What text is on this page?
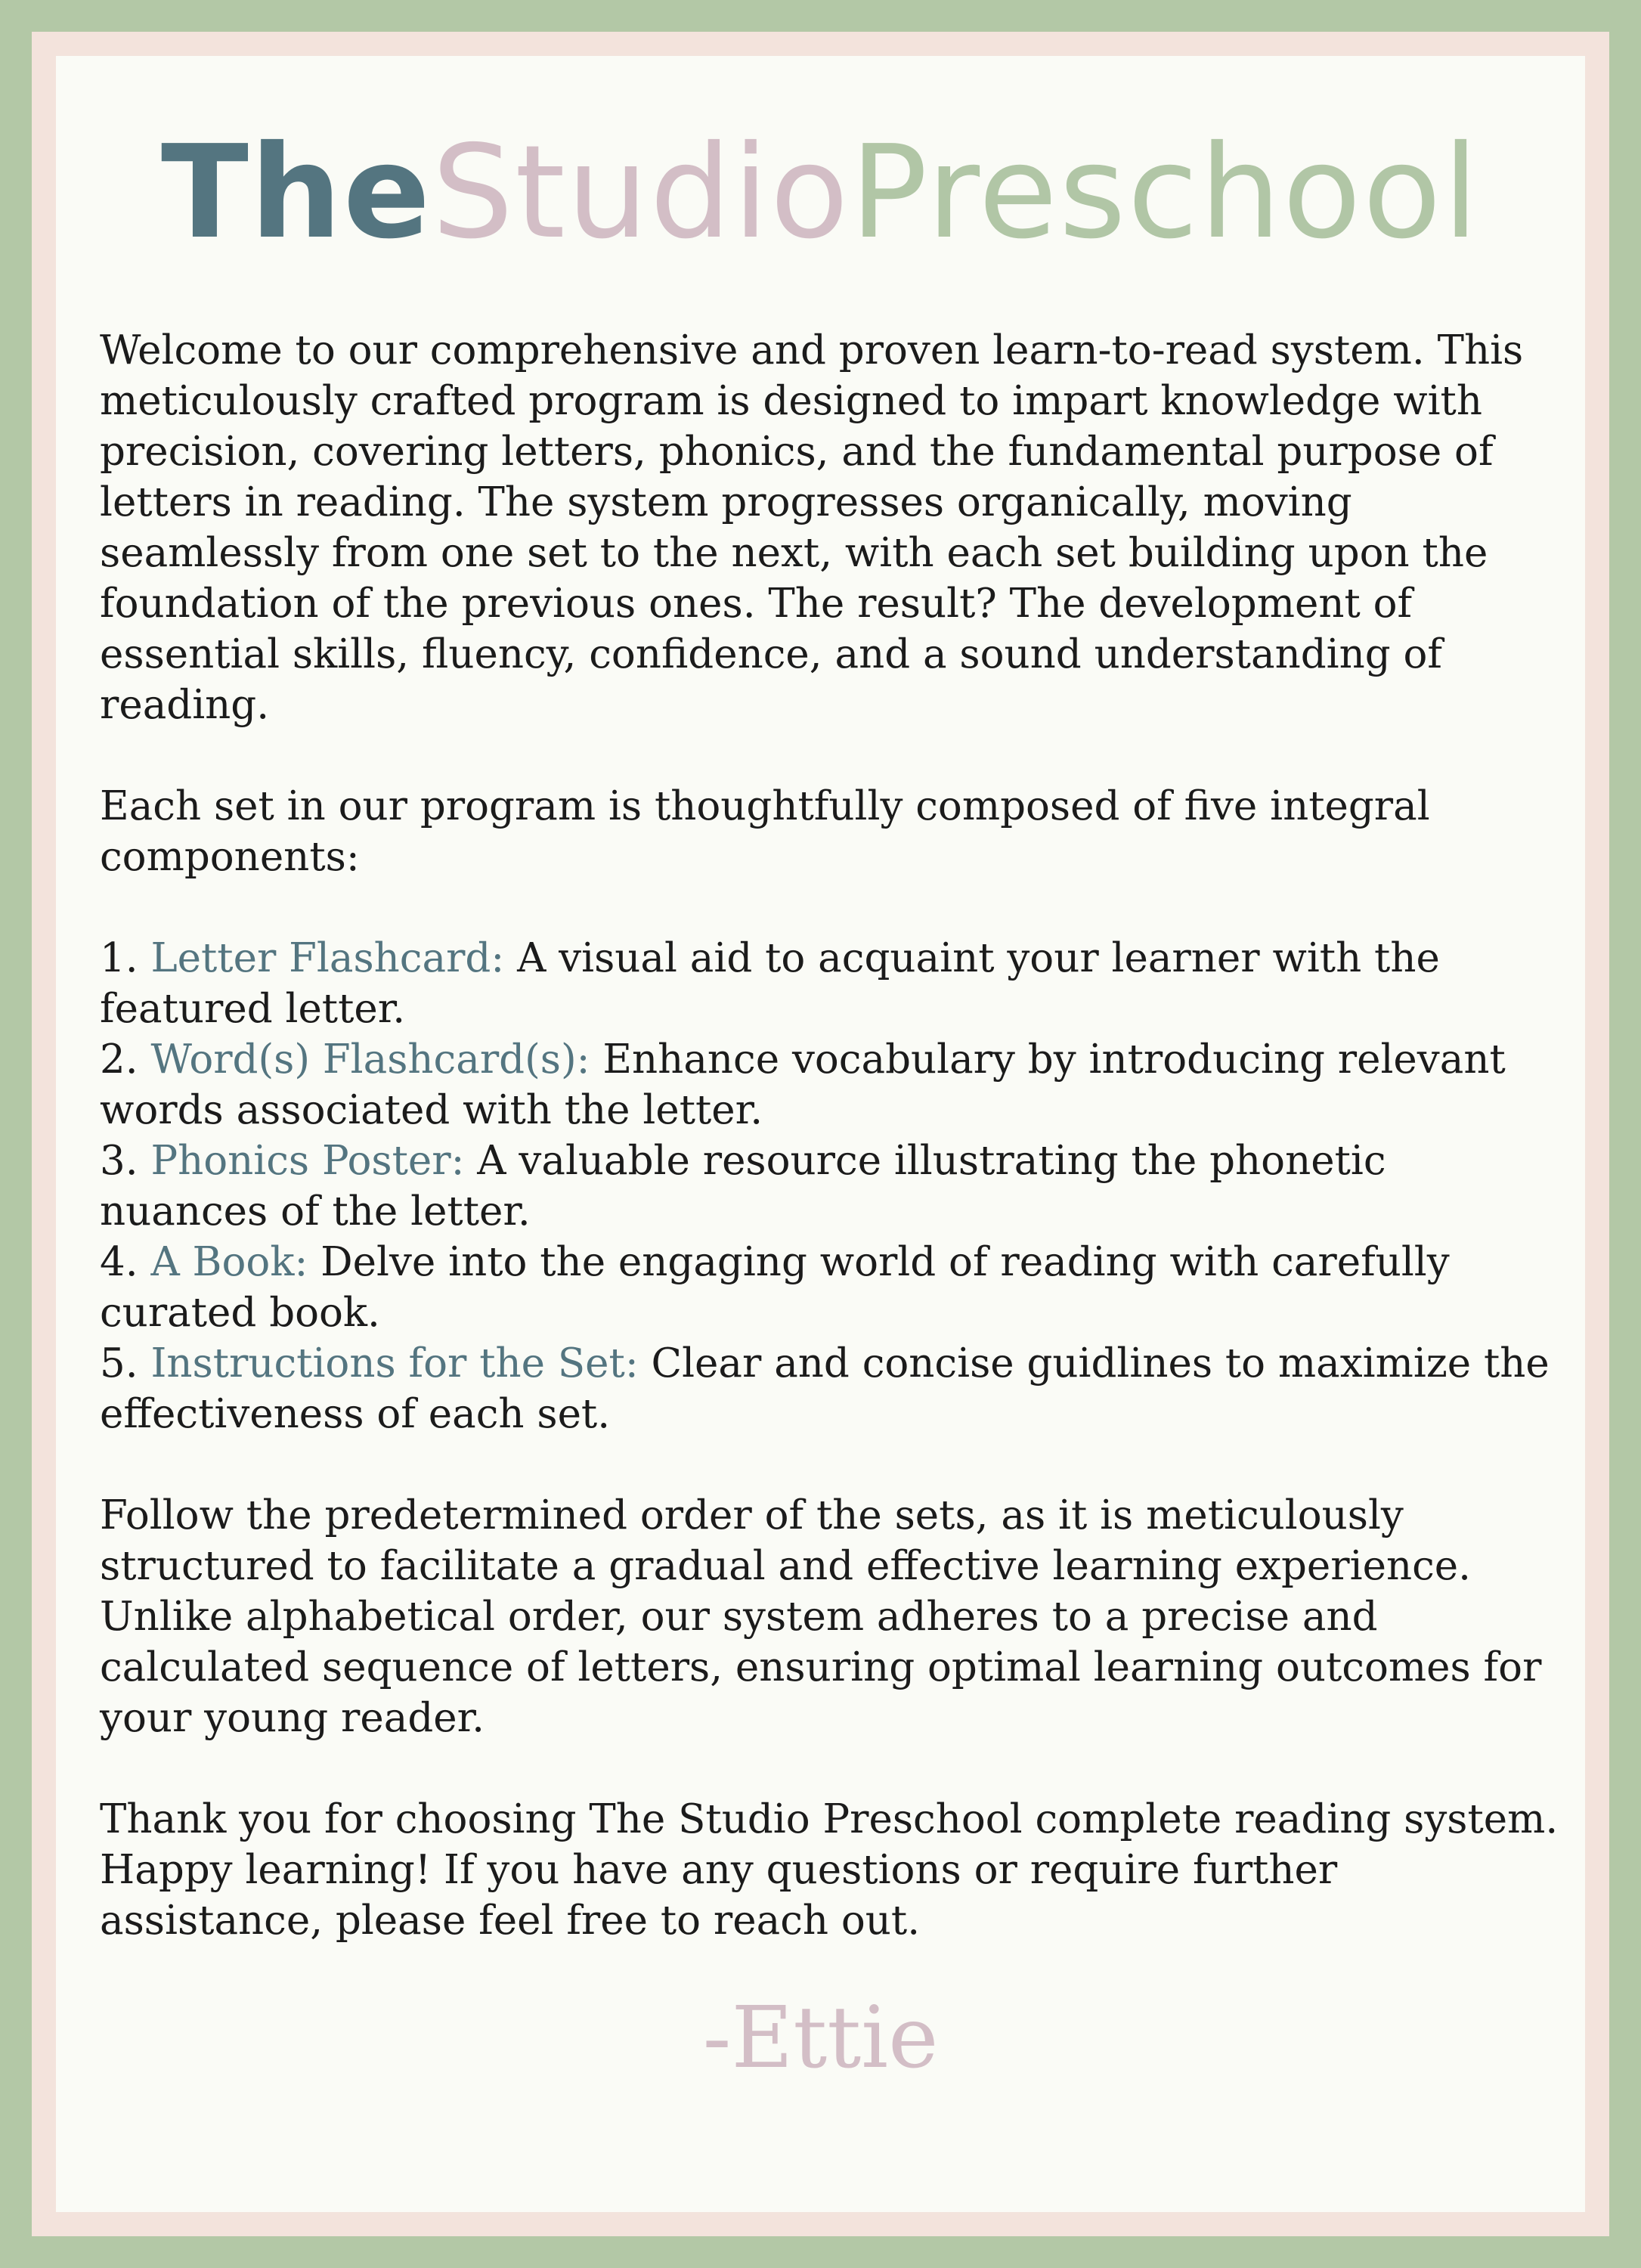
TheStudioPreschool

Welcome to our comprehensive and proven learn-to-read system. This meticulously crafted program is designed to impart knowledge with precision, covering letters, phonics, and the fundamental purpose of letters in reading. The system progresses organically, moving seamlessly from one set to the next, with each set building upon the foundation of the previous ones. The result? The development of essential skills, fluency, confidence, and a sound understanding of reading.

Each set in our program is thoughtfully composed of five integral components:

1. Letter Flashcard: A visual aid to acquaint your learner with the featured letter.
2. Word(s) Flashcard(s): Enhance vocabulary by introducing relevant words associated with the letter.
3. Phonics Poster: A valuable resource illustrating the phonetic nuances of the letter.
4. A Book: Delve into the engaging world of reading with carefully curated book.
5. Instructions for the Set: Clear and concise guidlines to maximize the effectiveness of each set.

Follow the predetermined order of the sets, as it is meticulously structured to facilitate a gradual and effective learning experience. Unlike alphabetical order, our system adheres to a precise and calculated sequence of letters, ensuring optimal learning outcomes for your young reader.

Thank you for choosing The Studio Preschool complete reading system. Happy learning! If you have any questions or require further assistance, please feel free to reach out.

-Ettie
